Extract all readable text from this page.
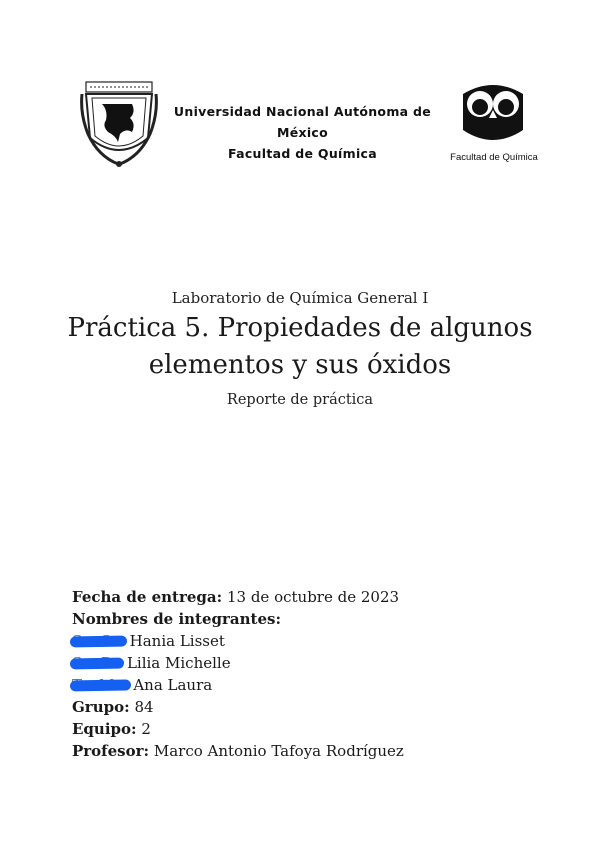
Universidad Nacional Autónoma de México
Facultad de Química	Facultad de Química
Laboratorio de Química General I
Práctica 5. Propiedades de algunos
elementos y sus óxidos
Reporte de práctica
Fecha de entrega: 13 de octubre de 2023
Nombres de integrantes:
Hania Lisset
Lilia Michelle
Ana Laura
Grupo: 84
Equipo: 2
Profesor: Marco Antonio Tafoya Rodríguez
